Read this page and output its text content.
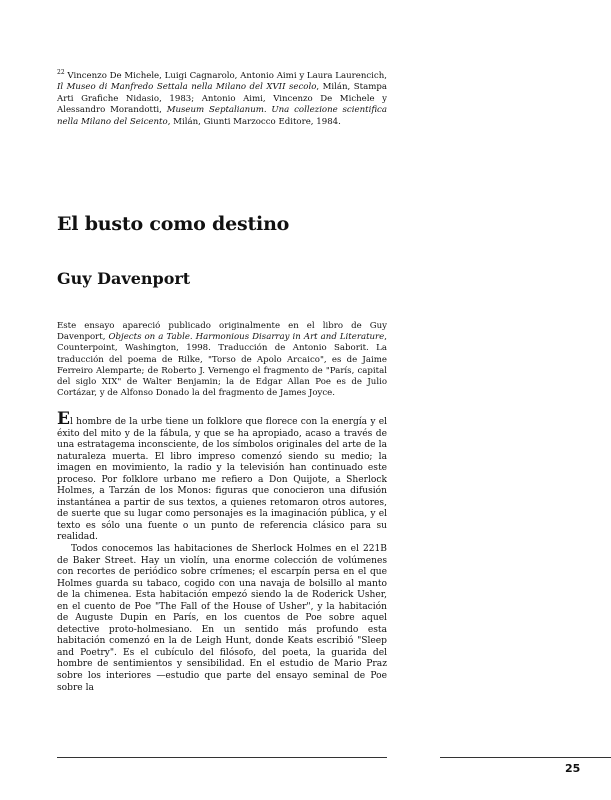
$^{22}$ Vincenzo De Michele, Luigi Cagnarolo, Antonio Aimi y Laura Laurencich, Il Museo di Manfredo Settala nella Milano del XVII secolo, Milán, Stampa Arti Grafiche Nidasio, 1983; Antonio Aimi, Vincenzo De Michele y Alessandro Morandotti, Museum Septalianum. Una collezione scientifica nella Milano del Seicento, Milán, Giunti Marzocco Editore, 1984.
El busto como destino
Guy Davenport
Este ensayo apareció publicado originalmente en el libro de Guy Davenport, Objects on a Table. Harmonious Disarray in Art and Literature, Counterpoint, Washington, 1998. Traducción de Antonio Saborit. La traducción del poema de Rilke, "Torso de Apolo Arcaico", es de Jaime Ferreiro Alemparte; de Roberto J. Vernengo el fragmento de "París, capital del siglo XIX" de Walter Benjamin; la de Edgar Allan Poe es de Julio Cortázar, y de Alfonso Donado la del fragmento de James Joyce.

El hombre de la urbe tiene un folklore que florece con la energía y el éxito del mito y de la fábula, y que se ha apropiado, acaso a través de una estratagema inconsciente, de los símbolos originales del arte de la naturaleza muerta. El libro impreso comenzó siendo su medio; la imagen en movimiento, la radio y la televisión han continuado este proceso. Por folklore urbano me refiero a Don Quijote, a Sherlock Holmes, a Tarzán de los Monos: figuras que conocieron una difusión instantánea a partir de sus textos, a quienes retomaron otros autores, de suerte que su lugar como personajes es la imaginación pública, y el texto es sólo una fuente o un punto de referencia clásico para su realidad.

Todos conocemos las habitaciones de Sherlock Holmes en el 221B de Baker Street. Hay un violín, una enorme colección de volúmenes con recortes de periódico sobre crímenes; el escarpín persa en el que Holmes guarda su tabaco, cogido con una navaja de bolsillo al manto de la chimenea. Esta habitación empezó siendo la de Roderick Usher, en el cuento de Poe "The Fall of the House of Usher", y la habitación de Auguste Dupin en París, en los cuentos de Poe sobre aquel detective proto-holmesiano. En un sentido más profundo esta habitación comenzó en la de Leigh Hunt, donde Keats escribió "Sleep and Poetry". Es el cubículo del filósofo, del poeta, la guarida del hombre de sentimientos y sensibilidad. En el estudio de Mario Praz sobre los interiores —estudio que parte del ensayo seminal de Poe sobre la

25
